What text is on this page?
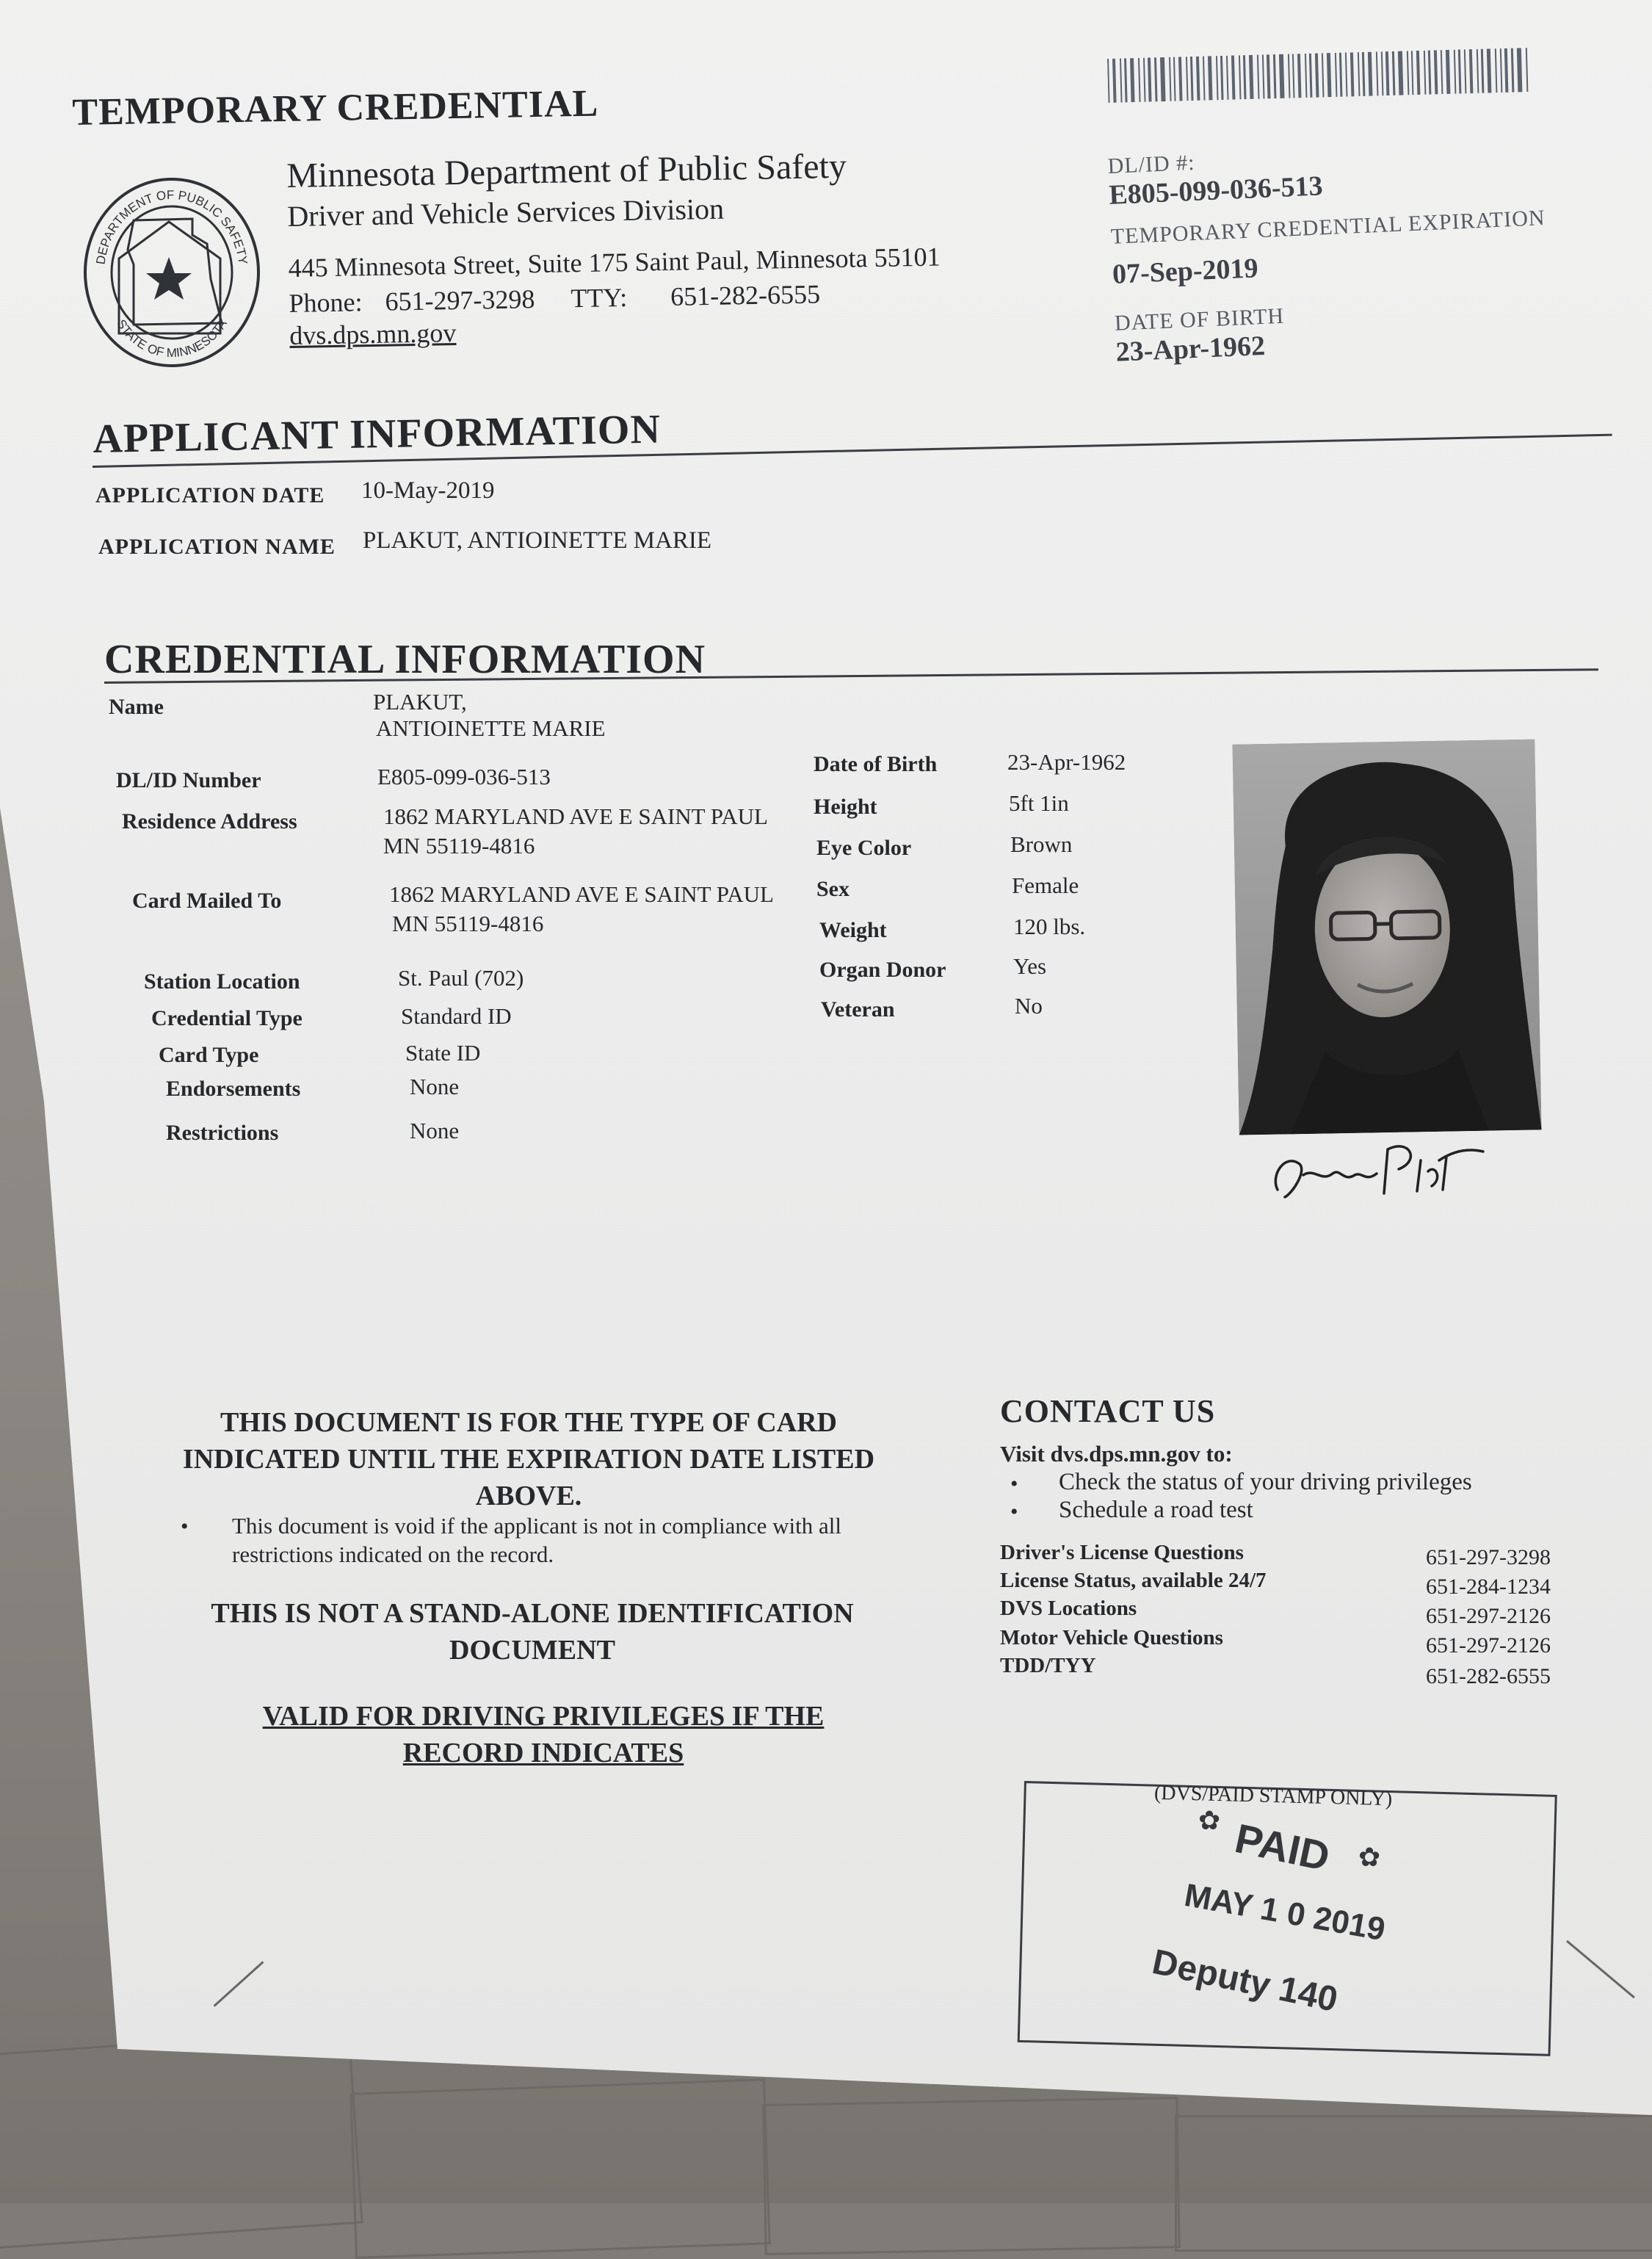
TEMPORARY CREDENTIAL
DEPARTMENT OF PUBLIC SAFETY
STATE OF MINNESOTA
Minnesota Department of Public Safety
Driver and Vehicle Services Division
445 Minnesota Street, Suite 175 Saint Paul, Minnesota 55101
Phone: 651-297-3298 TTY: 651-282-6555
dvs.dps.mn.gov
DL/ID #:
E805-099-036-513
TEMPORARY CREDENTIAL EXPIRATION
07-Sep-2019
DATE OF BIRTH
23-Apr-1962
APPLICANT INFORMATION
APPLICATION DATE 10-May-2019
APPLICATION NAME PLAKUT, ANTIOINETTE MARIE
CREDENTIAL INFORMATION
Name	PLAKUT,
ANTIOINETTE MARIE
DL/ID Number	E805-099-036-513
Residence Address	1862 MARYLAND AVE E SAINT PAUL
MN 55119-4816
Card Mailed To	1862 MARYLAND AVE E SAINT PAUL
MN 55119-4816
Station Location	St. Paul (702)
Credential Type	Standard ID
Card Type	State ID
Endorsements	None
Restrictions	None
Date of Birth	23-Apr-1962
Height	5ft 1in
Eye Color	Brown
Sex	Female
Weight	120 lbs.
Organ Donor	Yes
Veteran	No
THIS DOCUMENT IS FOR THE TYPE OF CARD INDICATED UNTIL THE EXPIRATION DATE LISTED ABOVE.
• This document is void if the applicant is not in compliance with all restrictions indicated on the record.
THIS IS NOT A STAND-ALONE IDENTIFICATION DOCUMENT
VALID FOR DRIVING PRIVILEGES IF THE RECORD INDICATES
CONTACT US
Visit dvs.dps.mn.gov to:
• Check the status of your driving privileges
• Schedule a road test
Driver's License Questions	651-297-3298
License Status, available 24/7	651-284-1234
DVS Locations	651-297-2126
Motor Vehicle Questions	651-297-2126
TDD/TYY	651-282-6555
(DVS/PAID STAMP ONLY)
✿ PAID ✿
MAY 1 0 2019
Deputy 140
